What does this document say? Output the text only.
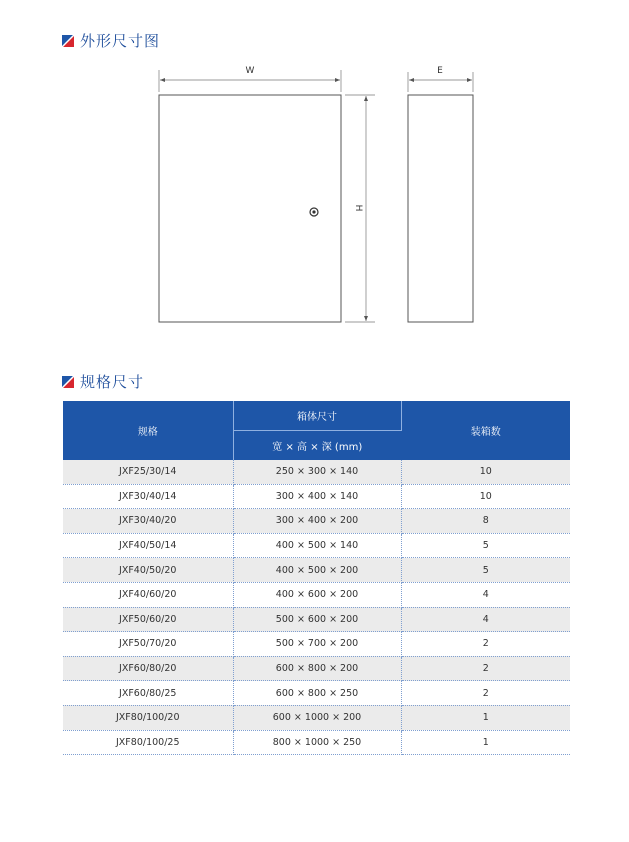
外形尺寸图
W
H
E
规格尺寸
规格	箱体尺寸	装箱数
	宽 × 高 × 深 (mm)	
JXF25/30/14	250 × 300 × 140	10
JXF30/40/14	300 × 400 × 140	10
JXF30/40/20	300 × 400 × 200	8
JXF40/50/14	400 × 500 × 140	5
JXF40/50/20	400 × 500 × 200	5
JXF40/60/20	400 × 600 × 200	4
JXF50/60/20	500 × 600 × 200	4
JXF50/70/20	500 × 700 × 200	2
JXF60/80/20	600 × 800 × 200	2
JXF60/80/25	600 × 800 × 250	2
JXF80/100/20	600 × 1000 × 200	1
JXF80/100/25	800 × 1000 × 250	1
